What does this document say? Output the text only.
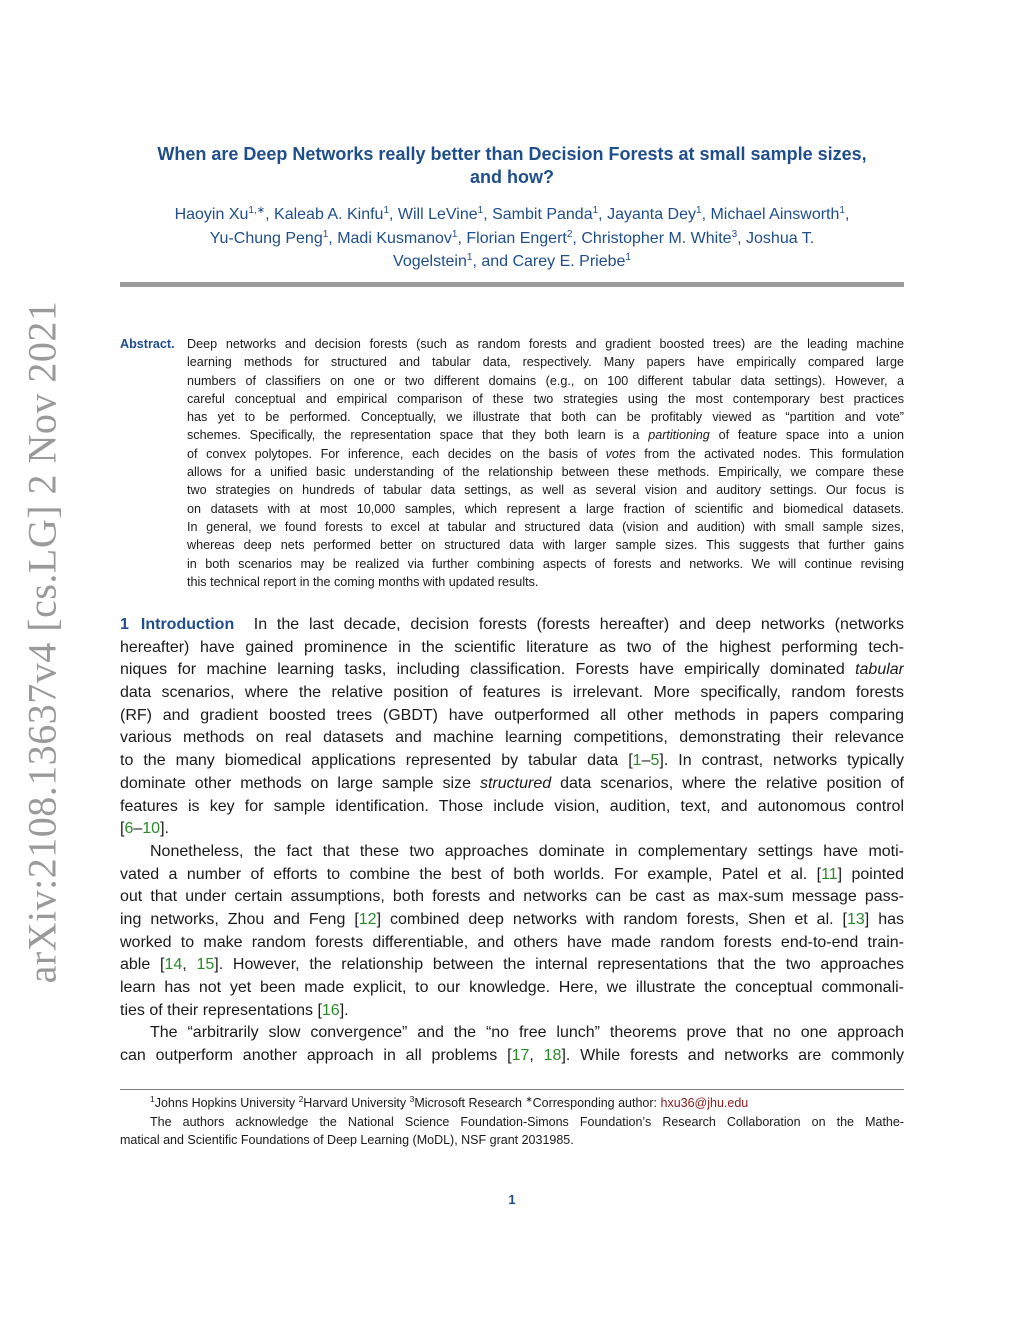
arXiv:2108.13637v4 [cs.LG] 2 Nov 2021
When are Deep Networks really better than Decision Forests at small sample sizes,
and how?
Haoyin $Xu^{1,∗}$, Kaleab A. Kinfu$^1$, Will LeVine$^1$, Sambit Panda$^1$, Jayanta Dey$^1$, Michael Ainsworth$^1$,
Yu-Chung Peng$^1$, Madi Kusmanov$^1$, Florian Engert$^2$, Christopher M. White$^3$, Joshua T.
Vogelstein$^1$, and Carey E. Priebe$^1$
Abstract. Deep networks and decision forests (such as random forests and gradient boosted trees) are the leading machine
learning methods for structured and tabular data, respectively. Many papers have empirically compared large
numbers of classifiers on one or two different domains (e.g., on 100 different tabular data settings). However, a
careful conceptual and empirical comparison of these two strategies using the most contemporary best practices
has yet to be performed. Conceptually, we illustrate that both can be profitably viewed as “partition and vote”
schemes. Specifically, the representation space that they both learn is a partitioning of feature space into a union
of convex polytopes. For inference, each decides on the basis of votes from the activated nodes. This formulation
allows for a unified basic understanding of the relationship between these methods. Empirically, we compare these
two strategies on hundreds of tabular data settings, as well as several vision and auditory settings. Our focus is
on datasets with at most 10,000 samples, which represent a large fraction of scientific and biomedical datasets.
In general, we found forests to excel at tabular and structured data (vision and audition) with small sample sizes,
whereas deep nets performed better on structured data with larger sample sizes. This suggests that further gains
in both scenarios may be realized via further combining aspects of forests and networks. We will continue revising
this technical report in the coming months with updated results.
1 Introduction In the last decade, decision forests (forests hereafter) and deep networks (networks
hereafter) have gained prominence in the scientific literature as two of the highest performing tech-
niques for machine learning tasks, including classification. Forests have empirically dominated tabular
data scenarios, where the relative position of features is irrelevant. More specifically, random forests
(RF) and gradient boosted trees (GBDT) have outperformed all other methods in papers comparing
various methods on real datasets and machine learning competitions, demonstrating their relevance
to the many biomedical applications represented by tabular data [1–5]. In contrast, networks typically
dominate other methods on large sample size structured data scenarios, where the relative position of
features is key for sample identification. Those include vision, audition, text, and autonomous control
[6–10].
Nonetheless, the fact that these two approaches dominate in complementary settings have moti-
vated a number of efforts to combine the best of both worlds. For example, Patel et al. [11] pointed
out that under certain assumptions, both forests and networks can be cast as max-sum message pass-
ing networks, Zhou and Feng [12] combined deep networks with random forests, Shen et al. [13] has
worked to make random forests differentiable, and others have made random forests end-to-end train-
able [14, 15]. However, the relationship between the internal representations that the two approaches
learn has not yet been made explicit, to our knowledge. Here, we illustrate the conceptual commonali-
ties of their representations [16].
The “arbitrarily slow convergence” and the “no free lunch” theorems prove that no one approach
can outperform another approach in all problems [17, 18]. While forests and networks are commonly
$^1$Johns Hopkins University $^2$Harvard University $^3$Microsoft Research ∗Corresponding author: hxu36@jhu.edu
The authors acknowledge the National Science Foundation-Simons Foundation’s Research Collaboration on the Mathe-
matical and Scientific Foundations of Deep Learning (MoDL), NSF grant 2031985.
1
